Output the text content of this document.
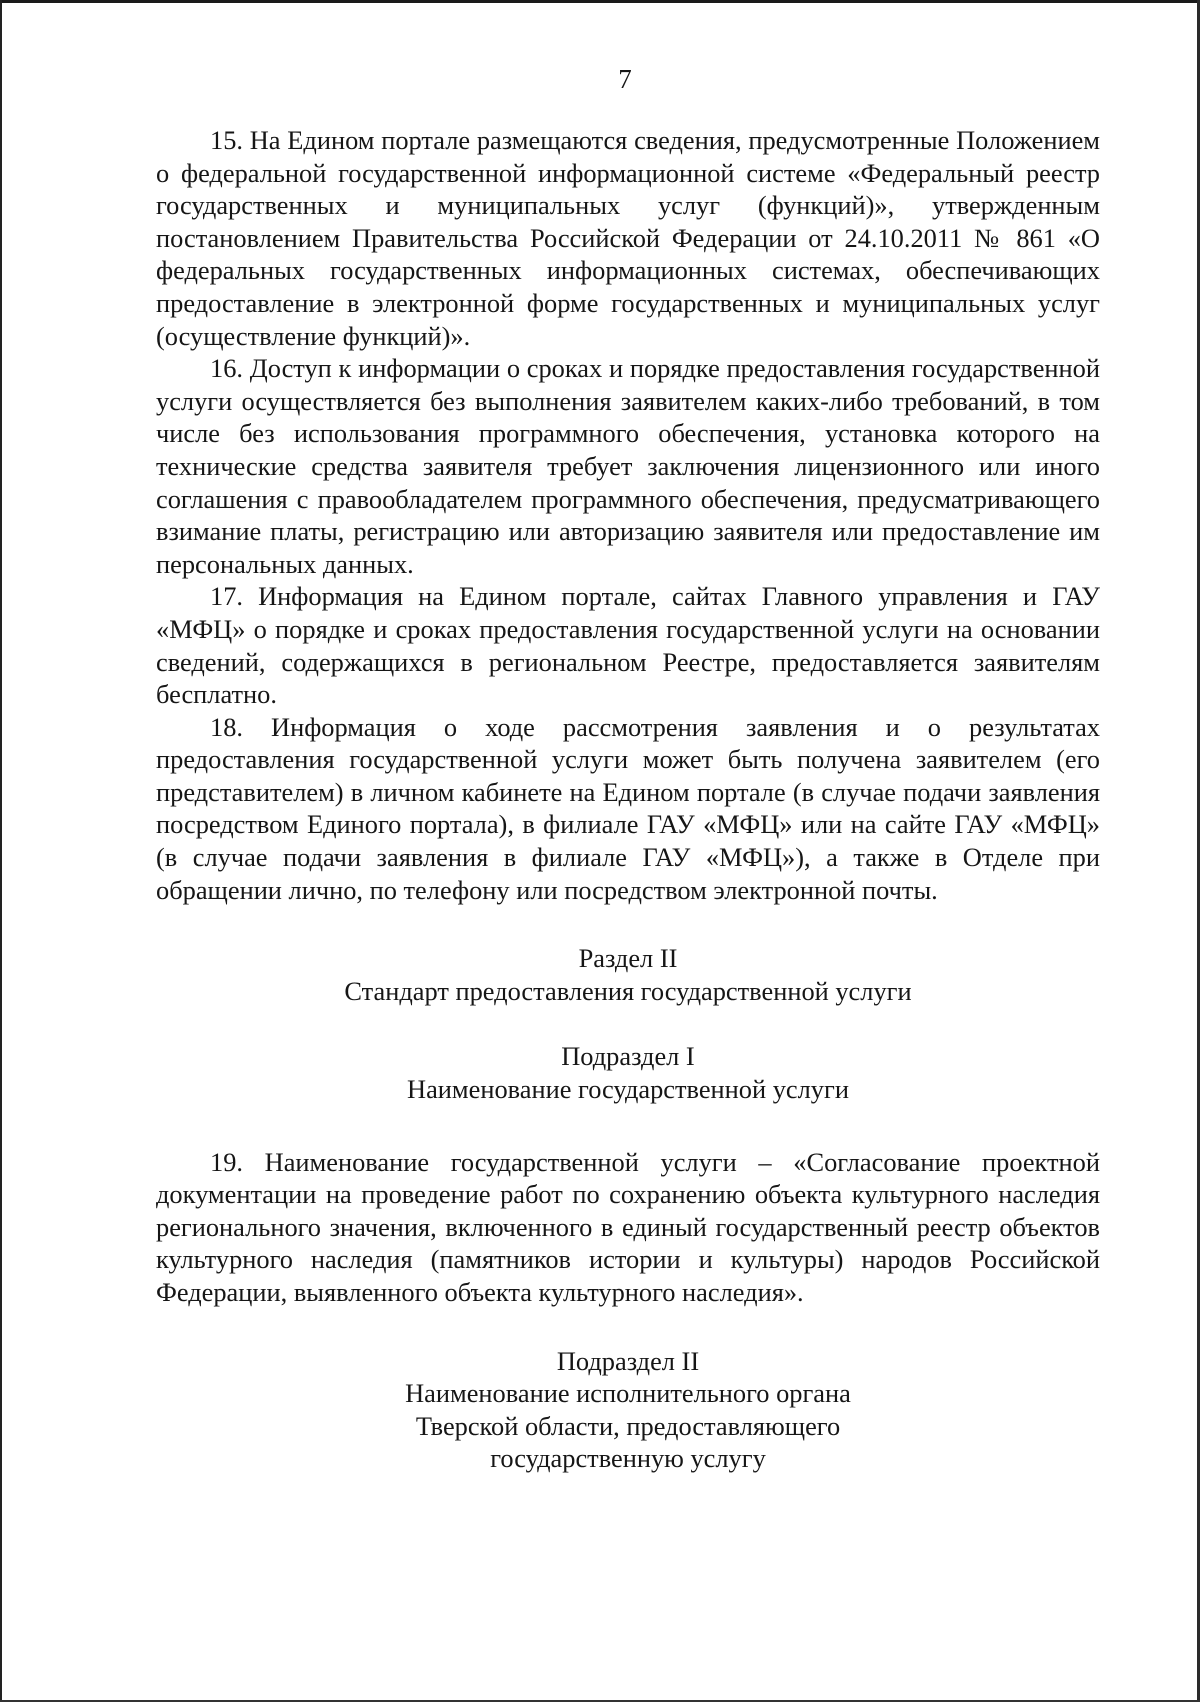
7

15. На Едином портале размещаются сведения, предусмотренные Положением о федеральной государственной информационной системе «Федеральный реестр государственных и муниципальных услуг (функций)», утвержденным постановлением Правительства Российской Федерации от 24.10.2011 № 861 «О федеральных государственных информационных системах, обеспечивающих предоставление в электронной форме государственных и муниципальных услуг (осуществление функций)».

16. Доступ к информации о сроках и порядке предоставления государственной услуги осуществляется без выполнения заявителем каких-либо требований, в том числе без использования программного обеспечения, установка которого на технические средства заявителя требует заключения лицензионного или иного соглашения с правообладателем программного обеспечения, предусматривающего взимание платы, регистрацию или авторизацию заявителя или предоставление им персональных данных.

17. Информация на Едином портале, сайтах Главного управления и ГАУ «МФЦ» о порядке и сроках предоставления государственной услуги на основании сведений, содержащихся в региональном Реестре, предоставляется заявителям бесплатно.

18. Информация о ходе рассмотрения заявления и о результатах предоставления государственной услуги может быть получена заявителем (его представителем) в личном кабинете на Едином портале (в случае подачи заявления посредством Единого портала), в филиале ГАУ «МФЦ» или на сайте ГАУ «МФЦ» (в случае подачи заявления в филиале ГАУ «МФЦ»), а также в Отделе при обращении лично, по телефону или посредством электронной почты.

Раздел II

Стандарт предоставления государственной услуги

Подраздел I

Наименование государственной услуги

19. Наименование государственной услуги – «Согласование проектной документации на проведение работ по сохранению объекта культурного наследия регионального значения, включенного в единый государственный реестр объектов культурного наследия (памятников истории и культуры) народов Российской Федерации, выявленного объекта культурного наследия».

Подраздел II

Наименование исполнительного органа

Тверской области, предоставляющего

государственную услугу
